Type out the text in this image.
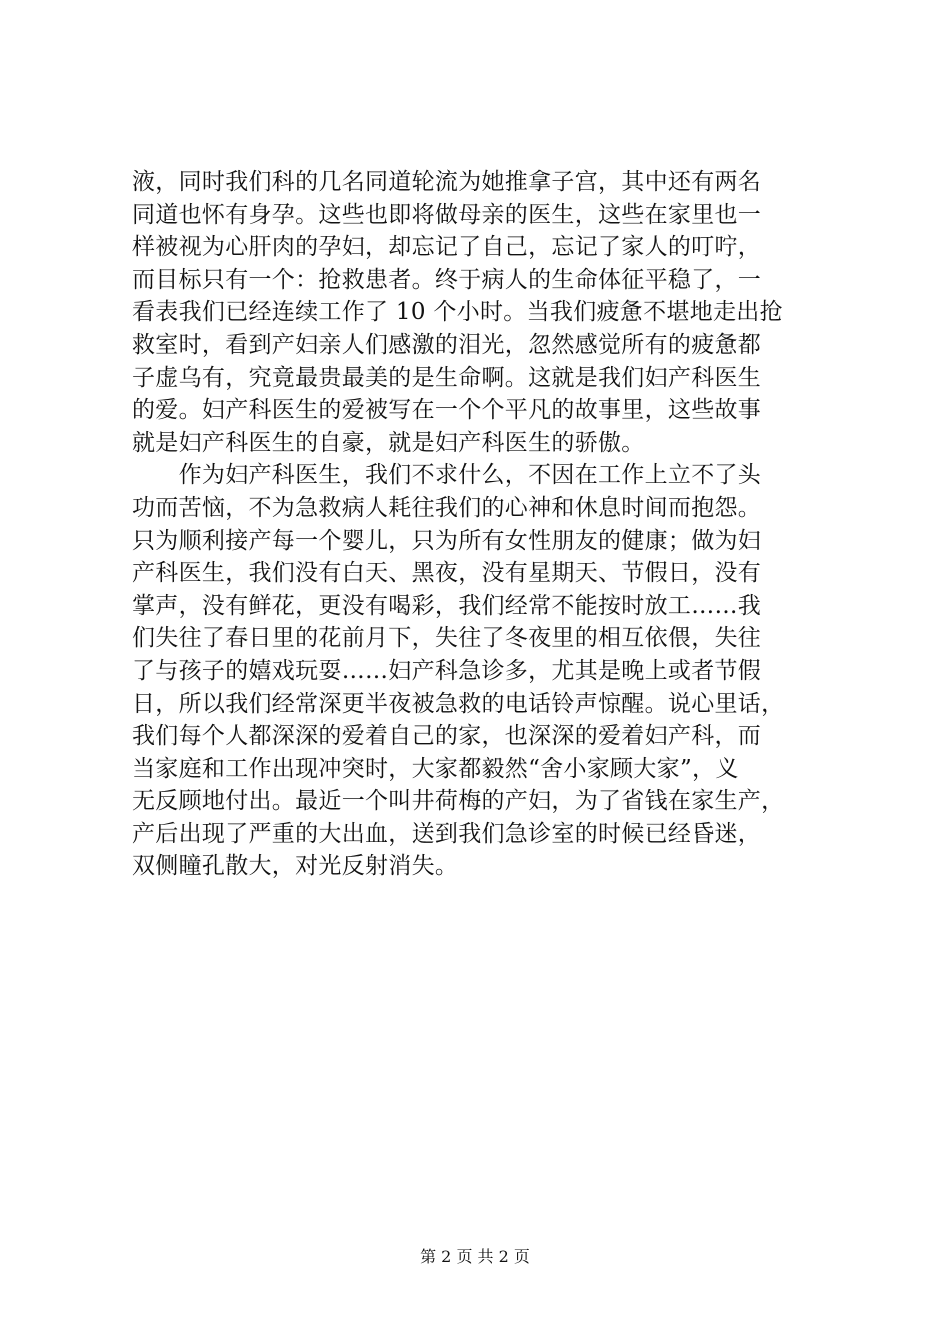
液，同时我们科的几名同道轮流为她推拿子宫，其中还有两名
同道也怀有身孕。这些也即将做母亲的医生，这些在家里也一
样被视为心肝肉的孕妇，却忘记了自己，忘记了家人的叮咛，
而目标只有一个：抢救患者。终于病人的生命体征平稳了，一
看表我们已经连续工作了 10 个小时。当我们疲惫不堪地走出抢
救室时，看到产妇亲人们感激的泪光，忽然感觉所有的疲惫都
子虚乌有，究竟最贵最美的是生命啊。这就是我们妇产科医生
的爱。妇产科医生的爱被写在一个个平凡的故事里，这些故事
就是妇产科医生的自豪，就是妇产科医生的骄傲。
　　作为妇产科医生，我们不求什么，不因在工作上立不了头
功而苦恼，不为急救病人耗往我们的心神和休息时间而抱怨。
只为顺利接产每一个婴儿，只为所有女性朋友的健康；做为妇
产科医生，我们没有白天、黑夜，没有星期天、节假日，没有
掌声，没有鲜花，更没有喝彩，我们经常不能按时放工……我
们失往了春日里的花前月下，失往了冬夜里的相互依偎，失往
了与孩子的嬉戏玩耍……妇产科急诊多，尤其是晚上或者节假
日，所以我们经常深更半夜被急救的电话铃声惊醒。说心里话，
我们每个人都深深的爱着自己的家，也深深的爱着妇产科，而
当家庭和工作出现冲突时，大家都毅然“舍小家顾大家”，义
无反顾地付出。最近一个叫井荷梅的产妇，为了省钱在家生产，
产后出现了严重的大出血，送到我们急诊室的时候已经昏迷，
双侧瞳孔散大，对光反射消失。
第 2 页 共 2 页
